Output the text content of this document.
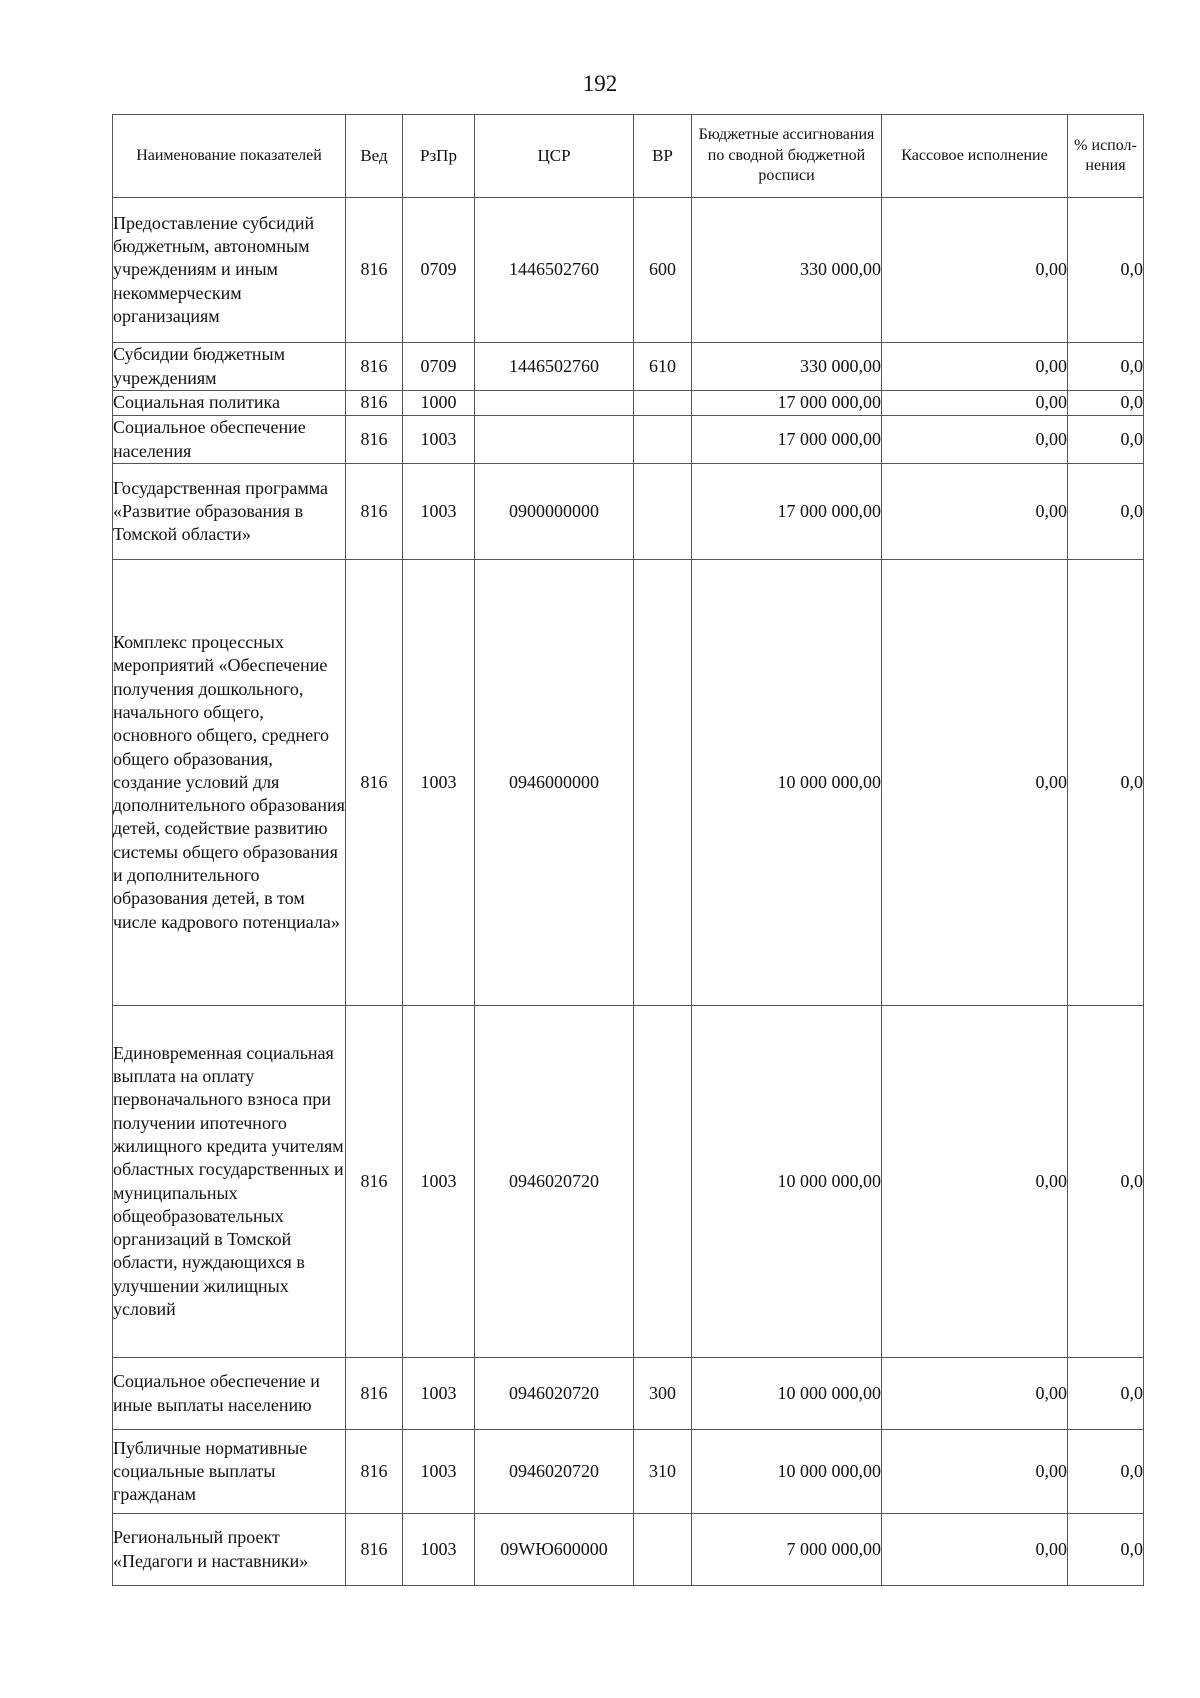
192
Наименование показателей	Вед	РзПр	ЦСР	ВР	Бюджетные ассигнования по сводной бюджетной росписи	Кассовое исполнение	% испол-нения
Предоставление субсидий бюджетным, автономным учреждениям и иным некоммерческим организациям	816	0709	1446502760	600	330 000,00	0,00	0,0
Субсидии бюджетным учреждениям	816	0709	1446502760	610	330 000,00	0,00	0,0
Социальная политика	816	1000			17 000 000,00	0,00	0,0
Социальное обеспечение населения	816	1003			17 000 000,00	0,00	0,0
Государственная программа «Развитие образования в Томской области»	816	1003	0900000000		17 000 000,00	0,00	0,0
Комплекс процессных мероприятий «Обеспечение получения дошкольного, начального общего, основного общего, среднего общего образования, создание условий для дополнительного образования детей, содействие развитию системы общего образования и дополнительного образования детей, в том числе кадрового потенциала»	816	1003	0946000000		10 000 000,00	0,00	0,0
Единовременная социальная выплата на оплату первоначального взноса при получении ипотечного жилищного кредита учителям областных государственных и муниципальных общеобразовательных организаций в Томской области, нуждающихся в улучшении жилищных условий	816	1003	0946020720		10 000 000,00	0,00	0,0
Социальное обеспечение и иные выплаты населению	816	1003	0946020720	300	10 000 000,00	0,00	0,0
Публичные нормативные социальные выплаты гражданам	816	1003	0946020720	310	10 000 000,00	0,00	0,0
Региональный проект «Педагоги и наставники»	816	1003	09WЮ600000		7 000 000,00	0,00	0,0
